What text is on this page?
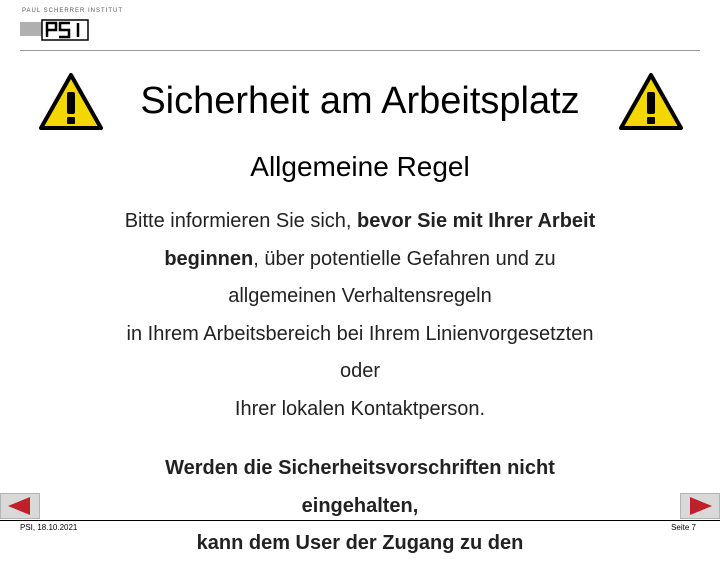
PAUL SCHERRER INSTITUT
Sicherheit am Arbeitsplatz
Allgemeine Regel
Bitte informieren Sie sich, bevor Sie mit Ihrer Arbeit
beginnen, über potentielle Gefahren und zu
allgemeinen Verhaltensregeln
in Ihrem Arbeitsbereich bei Ihrem Linienvorgesetzten
oder
Ihrer lokalen Kontaktperson.
Werden die Sicherheitsvorschriften nicht
eingehalten,
kann dem User der Zugang zu den
PSI, 18.10.2021	Seite 7
